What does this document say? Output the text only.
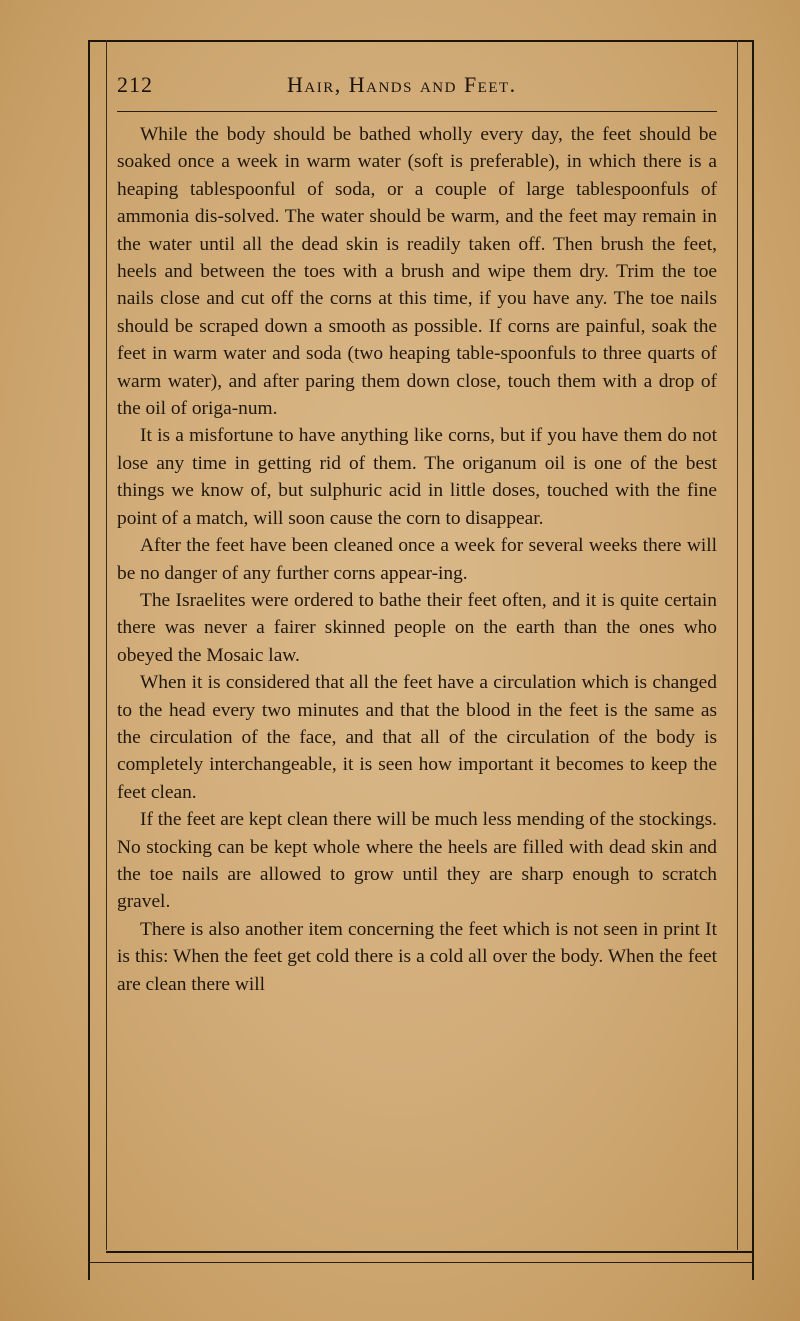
212	Hair, Hands and Feet.

While the body should be bathed wholly every day, the feet should be soaked once a week in warm water (soft is preferable), in which there is a heaping tablespoonful of soda, or a couple of large tablespoonfuls of ammonia dis-solved. The water should be warm, and the feet may remain in the water until all the dead skin is readily taken off. Then brush the feet, heels and between the toes with a brush and wipe them dry. Trim the toe nails close and cut off the corns at this time, if you have any. The toe nails should be scraped down a smooth as possible. If corns are painful, soak the feet in warm water and soda (two heaping table-spoonfuls to three quarts of warm water), and after paring them down close, touch them with a drop of the oil of origa-num.

It is a misfortune to have anything like corns, but if you have them do not lose any time in getting rid of them. The origanum oil is one of the best things we know of, but sulphuric acid in little doses, touched with the fine point of a match, will soon cause the corn to disappear.

After the feet have been cleaned once a week for several weeks there will be no danger of any further corns appear-ing.

The Israelites were ordered to bathe their feet often, and it is quite certain there was never a fairer skinned people on the earth than the ones who obeyed the Mosaic law.

When it is considered that all the feet have a circulation which is changed to the head every two minutes and that the blood in the feet is the same as the circulation of the face, and that all of the circulation of the body is completely interchangeable, it is seen how important it becomes to keep the feet clean.

If the feet are kept clean there will be much less mending of the stockings. No stocking can be kept whole where the heels are filled with dead skin and the toe nails are allowed to grow until they are sharp enough to scratch gravel.

There is also another item concerning the feet which is not seen in print It is this: When the feet get cold there is a cold all over the body. When the feet are clean there will
